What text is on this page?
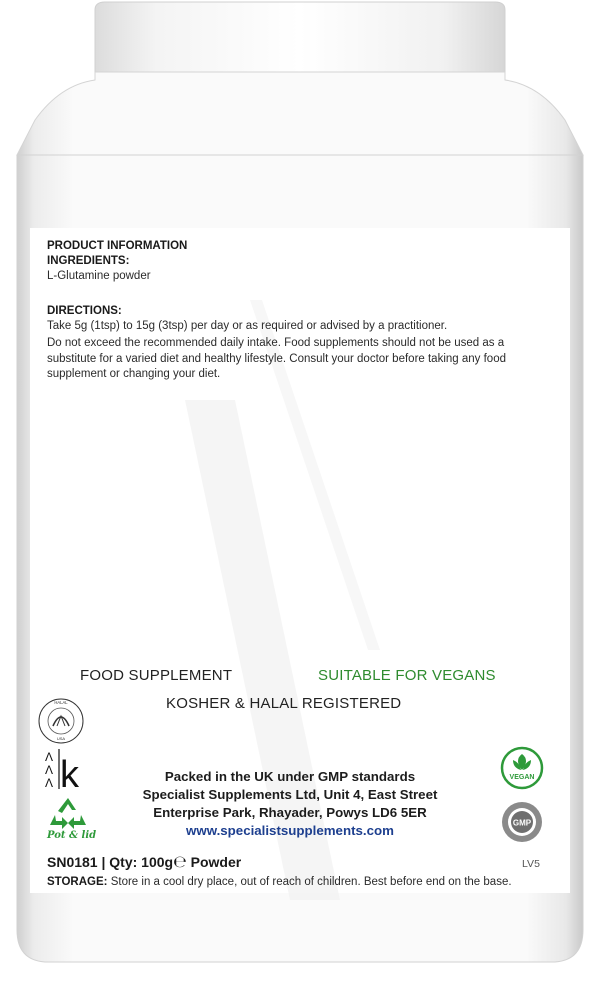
PRODUCT INFORMATION
INGREDIENTS:
L-Glutamine powder
DIRECTIONS:
Take 5g (1tsp) to 15g (3tsp) per day or as required or advised by a practitioner.
Do not exceed the recommended daily intake. Food supplements should not be used as a substitute for a varied diet and healthy lifestyle. Consult your doctor before taking any food supplement or changing your diet.
FOOD SUPPLEMENT	SUITABLE FOR VEGANS
KOSHER & HALAL REGISTERED
USA
HALAL
Λ
Λ
Λ k
Pot & lid
Packed in the UK under GMP standards
Specialist Supplements Ltd, Unit 4, East Street
Enterprise Park, Rhayader, Powys LD6 5ER
www.specialistsupplements.com
VEGAN
GMP
SN0181 | Qty: 100g℮ Powder	LV5
STORAGE: Store in a cool dry place, out of reach of children. Best before end on the base.
